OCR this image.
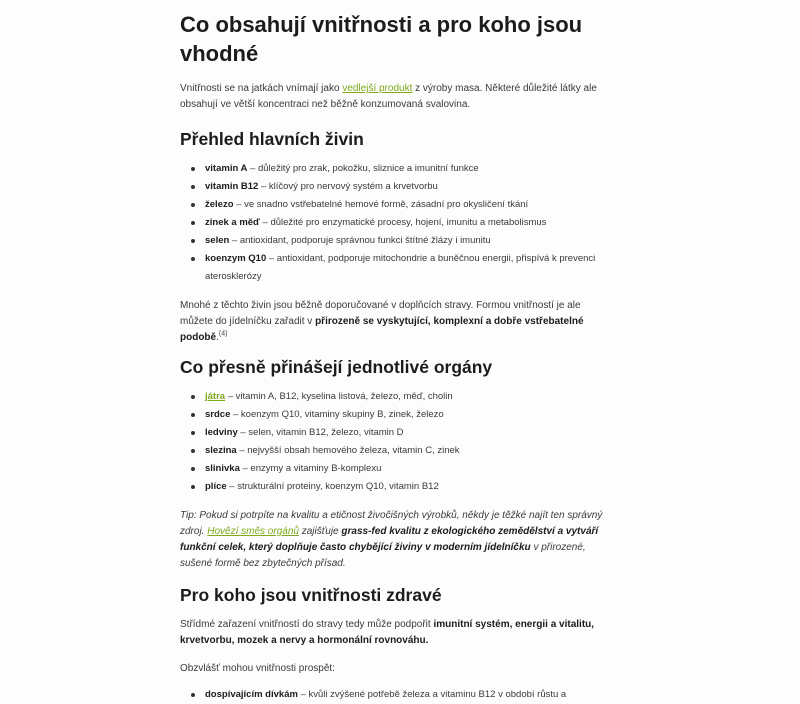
Co obsahují vnitřnosti a pro koho jsou vhodné

Vnitřnosti se na jatkách vnímají jako vedlejší produkt z výroby masa. Některé důležité látky ale obsahují ve větší koncentraci než běžně konzumovaná svalovina.

Přehled hlavních živin
vitamin A – důležitý pro zrak, pokožku, sliznice a imunitní funkce
vitamin B12 – klíčový pro nervový systém a krvetvorbu
železo – ve snadno vstřebatelné hemové formě, zásadní pro okysličení tkání
zinek a měď – důležité pro enzymatické procesy, hojení, imunitu a metabolismus
selen – antioxidant, podporuje správnou funkci štítné žlázy i imunitu
koenzym Q10 – antioxidant, podporuje mitochondrie a buněčnou energii, přispívá k prevenci aterosklerózy

Mnohé z těchto živin jsou běžně doporučované v doplňcích stravy. Formou vnitřností je ale můžete do jídelníčku zařadit v přirozeně se vyskytující, komplexní a dobře vstřebatelné podobě.$^{(4)}$

Co přesně přinášejí jednotlivé orgány
játra – vitamin A, B12, kyselina listová, železo, měď, cholin
srdce – koenzym Q10, vitaminy skupiny B, zinek, železo
ledviny – selen, vitamin B12, železo, vitamin D
slezina – nejvyšší obsah hemového železa, vitamin C, zinek
slinivka – enzymy a vitaminy B-komplexu
plíce – strukturální proteiny, koenzym Q10, vitamin B12

Tip: Pokud si potrpíte na kvalitu a etičnost živočišných výrobků, někdy je těžké najít ten správný zdroj. Hovězí směs orgánů zajišťuje grass-fed kvalitu z ekologického zemědělství a vytváří funkční celek, který doplňuje často chybějící živiny v moderním jídelníčku v přirozené, sušené formě bez zbytečných přísad.

Pro koho jsou vnitřnosti zdravé

Střídmé zařazení vnitřností do stravy tedy může podpořit imunitní systém, energii a vitalitu, krvetvorbu, mozek a nervy a hormonální rovnováhu.

Obzvlášť mohou vnitřnosti prospět:

dospívajícím dívkám – kvůli zvýšené potřebě železa a vitaminu B12 v období růstu a
